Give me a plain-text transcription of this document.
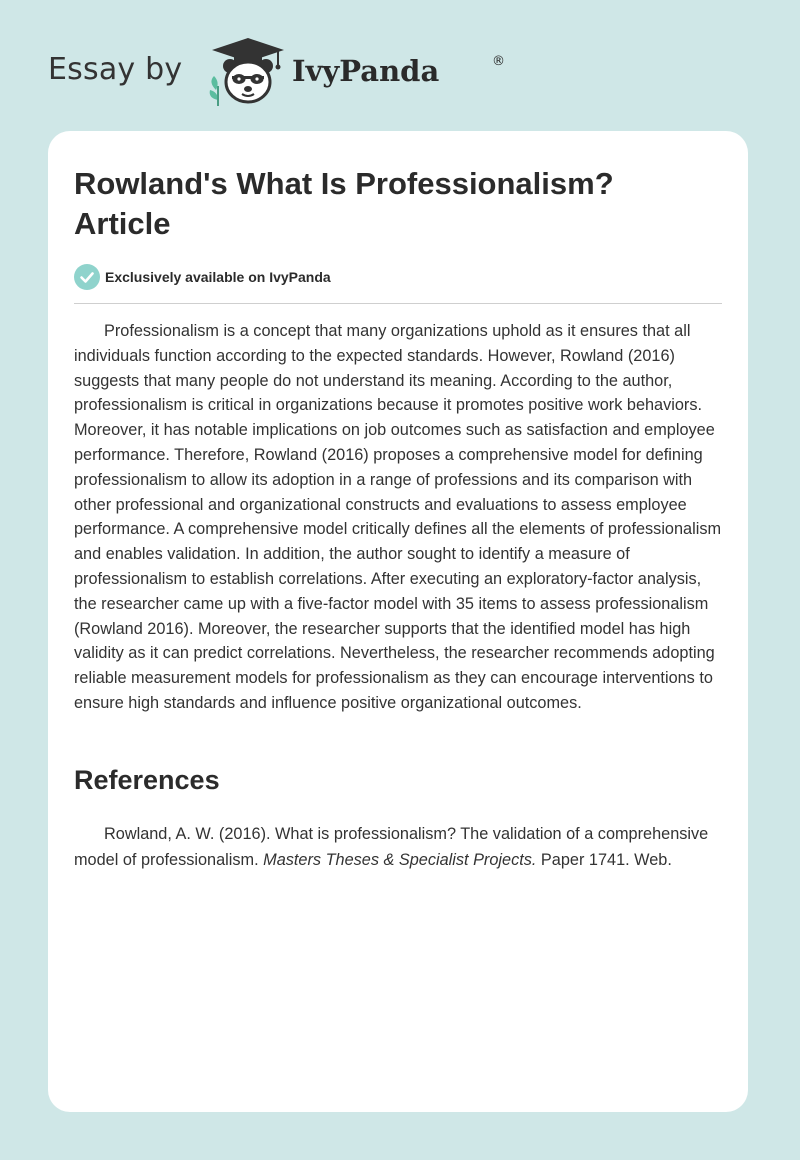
Essay by	IvyPanda	®
Rowland's What Is Professionalism? Article
Exclusively available on IvyPanda

Professionalism is a concept that many organizations uphold as it ensures that all individuals function according to the expected standards. However, Rowland (2016) suggests that many people do not understand its meaning. According to the author, professionalism is critical in organizations because it promotes positive work behaviors. Moreover, it has notable implications on job outcomes such as satisfaction and employee performance. Therefore, Rowland (2016) proposes a comprehensive model for defining professionalism to allow its adoption in a range of professions and its comparison with other professional and organizational constructs and evaluations to assess employee performance. A comprehensive model critically defines all the elements of professionalism and enables validation. In addition, the author sought to identify a measure of professionalism to establish correlations. After executing an exploratory-factor analysis, the researcher came up with a five-factor model with 35 items to assess professionalism (Rowland 2016). Moreover, the researcher supports that the identified model has high validity as it can predict correlations. Nevertheless, the researcher recommends adopting reliable measurement models for professionalism as they can encourage interventions to ensure high standards and influence positive organizational outcomes.

References

Rowland, A. W. (2016). What is professionalism? The validation of a comprehensive model of professionalism. Masters Theses & Specialist Projects. Paper 1741. Web.
